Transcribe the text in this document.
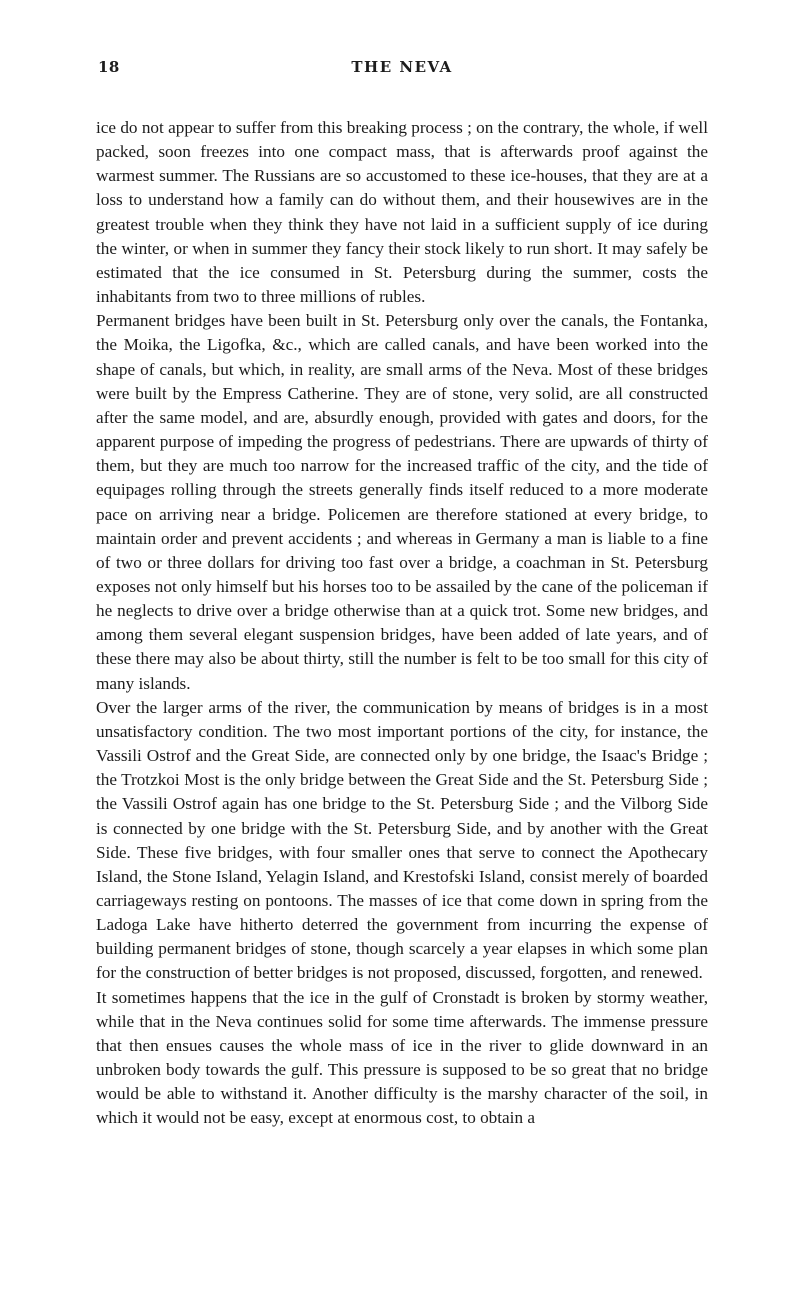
18	THE NEVA

ice do not appear to suffer from this breaking process ; on the contrary, the whole, if well packed, soon freezes into one compact mass, that is afterwards proof against the warmest summer. The Russians are so accustomed to these ice-houses, that they are at a loss to understand how a family can do without them, and their housewives are in the greatest trouble when they think they have not laid in a sufficient supply of ice during the winter, or when in summer they fancy their stock likely to run short. It may safely be estimated that the ice consumed in St. Petersburg during the summer, costs the inhabitants from two to three millions of rubles.

Permanent bridges have been built in St. Petersburg only over the canals, the Fontanka, the Moika, the Ligofka, &c., which are called canals, and have been worked into the shape of canals, but which, in reality, are small arms of the Neva. Most of these bridges were built by the Empress Catherine. They are of stone, very solid, are all constructed after the same model, and are, absurdly enough, provided with gates and doors, for the apparent purpose of impeding the progress of pedestrians. There are upwards of thirty of them, but they are much too narrow for the increased traffic of the city, and the tide of equipages rolling through the streets generally finds itself reduced to a more moderate pace on arriving near a bridge. Policemen are therefore stationed at every bridge, to maintain order and prevent accidents ; and whereas in Germany a man is liable to a fine of two or three dollars for driving too fast over a bridge, a coachman in St. Petersburg exposes not only himself but his horses too to be assailed by the cane of the policeman if he neglects to drive over a bridge otherwise than at a quick trot. Some new bridges, and among them several elegant suspension bridges, have been added of late years, and of these there may also be about thirty, still the number is felt to be too small for this city of many islands.

Over the larger arms of the river, the communication by means of bridges is in a most unsatisfactory condition. The two most important portions of the city, for instance, the Vassili Ostrof and the Great Side, are connected only by one bridge, the Isaac's Bridge ; the Trotzkoi Most is the only bridge between the Great Side and the St. Petersburg Side ; the Vassili Ostrof again has one bridge to the St. Petersburg Side ; and the Vilborg Side is connected by one bridge with the St. Petersburg Side, and by another with the Great Side. These five bridges, with four smaller ones that serve to connect the Apothecary Island, the Stone Island, Yelagin Island, and Krestofski Island, consist merely of boarded carriageways resting on pontoons. The masses of ice that come down in spring from the Ladoga Lake have hitherto deterred the government from incurring the expense of building permanent bridges of stone, though scarcely a year elapses in which some plan for the construction of better bridges is not proposed, discussed, forgotten, and renewed.

It sometimes happens that the ice in the gulf of Cronstadt is broken by stormy weather, while that in the Neva continues solid for some time afterwards. The immense pressure that then ensues causes the whole mass of ice in the river to glide downward in an unbroken body towards the gulf. This pressure is supposed to be so great that no bridge would be able to withstand it. Another difficulty is the marshy character of the soil, in which it would not be easy, except at enormous cost, to obtain a
